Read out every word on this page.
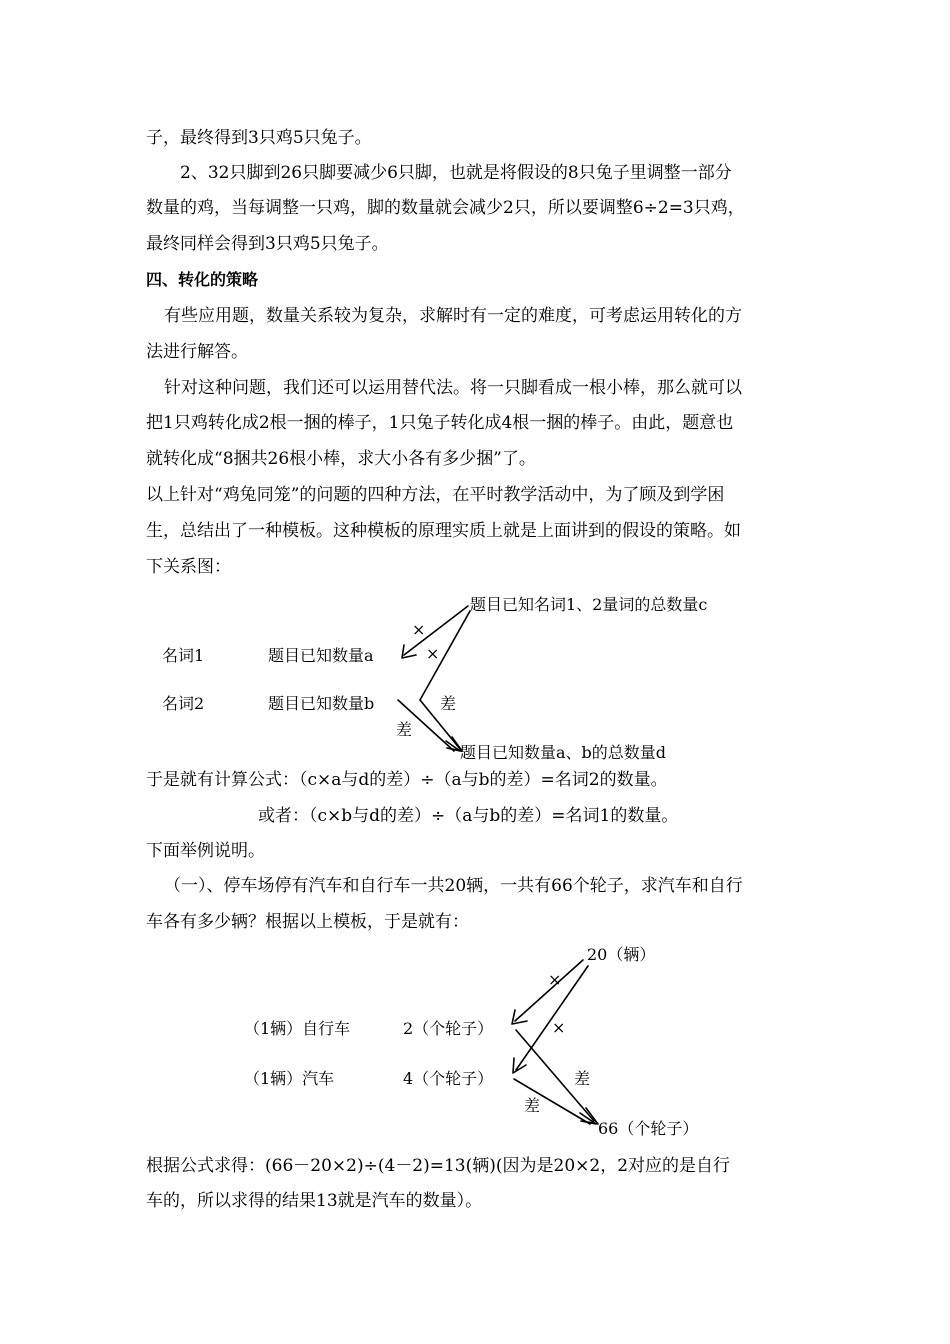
子，最终得到3只鸡5只兔子。
2、32只脚到26只脚要减少6只脚，也就是将假设的8只兔子里调整一部分
数量的鸡，当每调整一只鸡，脚的数量就会减少2只，所以要调整6÷2=3只鸡，
最终同样会得到3只鸡5只兔子。
四、转化的策略
有些应用题，数量关系较为复杂，求解时有一定的难度，可考虑运用转化的方
法进行解答。
针对这种问题，我们还可以运用替代法。将一只脚看成一根小棒，那么就可以
把1只鸡转化成2根一捆的棒子，1只兔子转化成4根一捆的棒子。由此，题意也
就转化成“8捆共26根小棒，求大小各有多少捆”了。
以上针对“鸡兔同笼”的问题的四种方法，在平时教学活动中，为了顾及到学困
生，总结出了一种模板。这种模板的原理实质上就是上面讲到的假设的策略。如
下关系图：
题目已知名词1、2量词的总数量c
名词1	题目已知数量a
名词2	题目已知数量b
题目已知数量a、b的总数量d
×
×
差
差
于是就有计算公式：（c×a与d的差）÷（a与b的差）=名词2的数量。
或者：（c×b与d的差）÷（a与b的差）=名词1的数量。
下面举例说明。
（一）、停车场停有汽车和自行车一共20辆，一共有66个轮子，求汽车和自行
车各有多少辆？根据以上模板，于是就有：
20（辆）
（1辆）自行车	2（个轮子）
（1辆）汽车	4（个轮子）
66（个轮子）
×
×
差
差
根据公式求得：(66－20×2)÷(4－2)=13(辆)(因为是20×2，2对应的是自行
车的，所以求得的结果13就是汽车的数量）。
